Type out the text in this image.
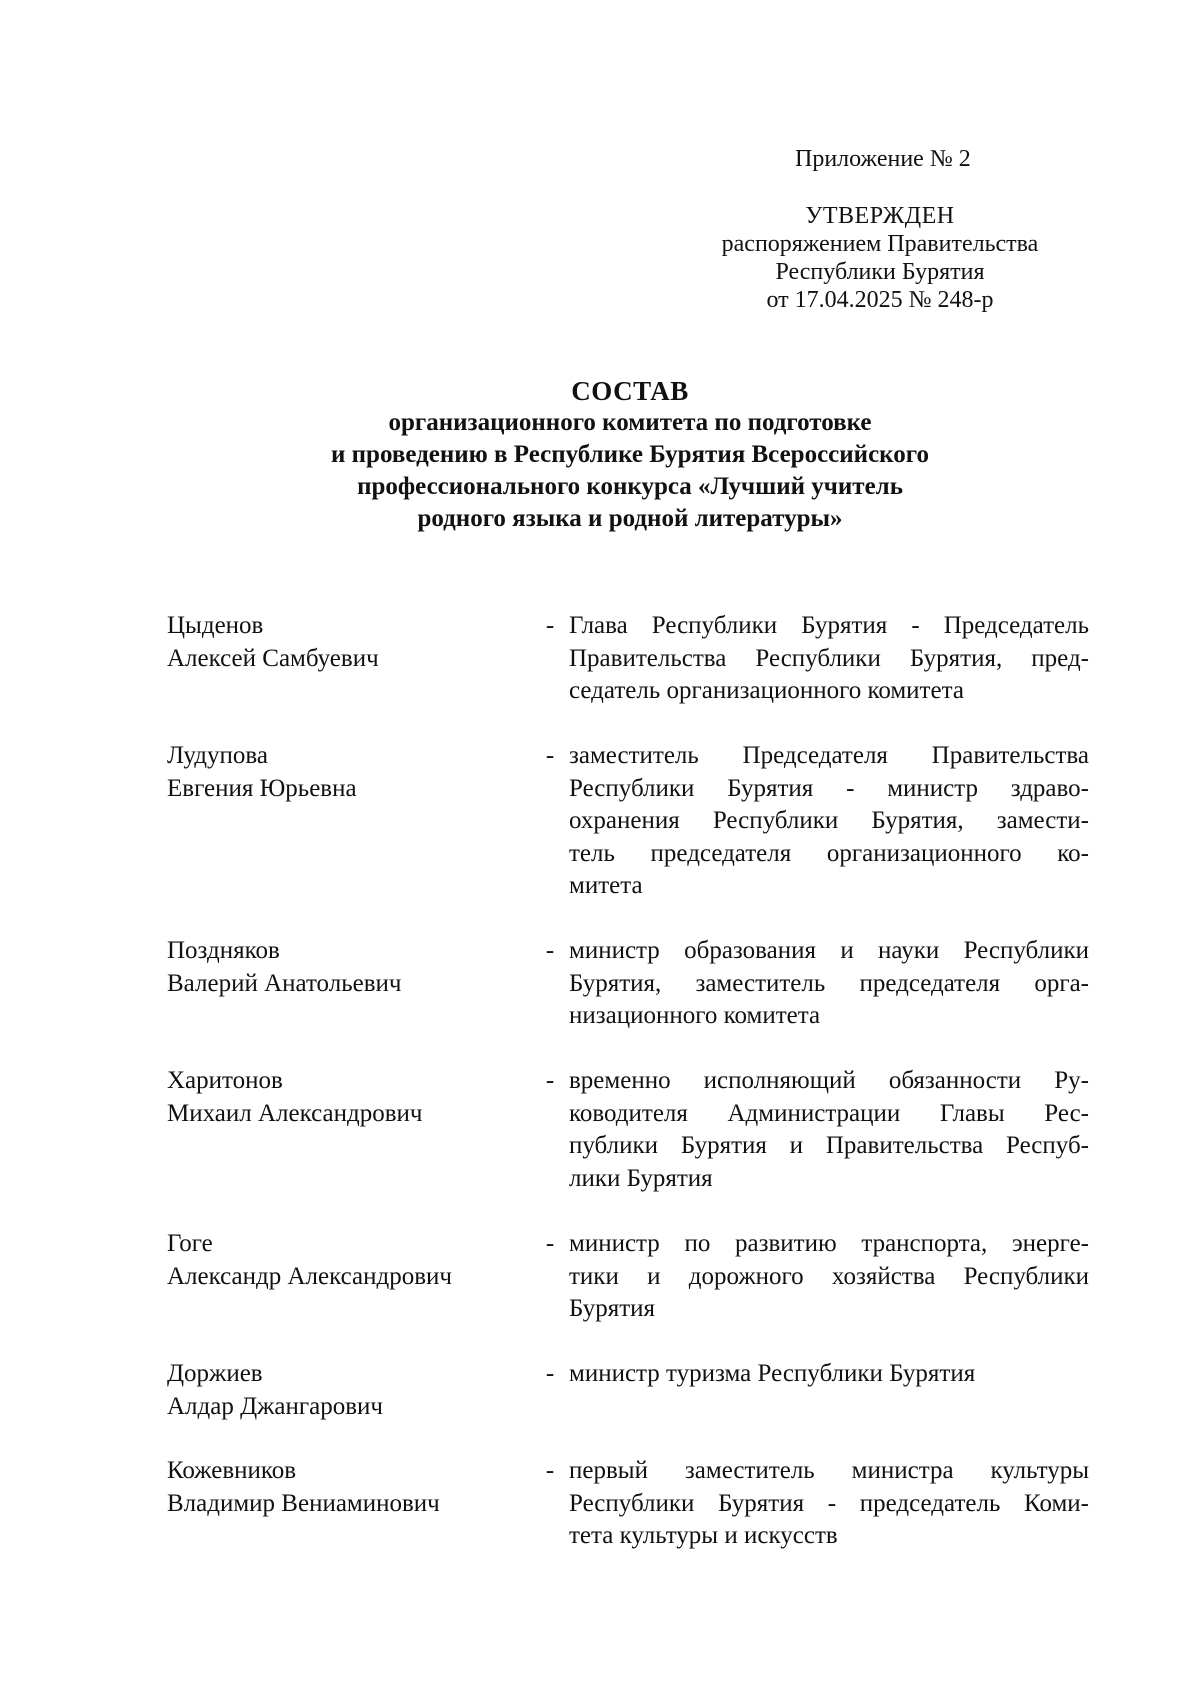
Приложение № 2
УТВЕРЖДЕН
распоряжением Правительства
Республики Бурятия
от 17.04.2025 № 248-р
СОСТАВ
организационного комитета по подготовке
и проведению в Республике Бурятия Всероссийского
профессионального конкурса «Лучший учитель
родного языка и родной литературы»
Цыденов
Алексей Самбуевич
- Глава Республики Бурятия - Председатель
Правительства Республики Бурятия, пред-
седатель организационного комитета
Лудупова
Евгения Юрьевна
- заместитель Председателя Правительства
Республики Бурятия - министр здраво-
охранения Республики Бурятия, замести-
тель председателя организационного ко-
митета
Поздняков
Валерий Анатольевич
- министр образования и науки Республики
Бурятия, заместитель председателя орга-
низационного комитета
Харитонов
Михаил Александрович
- временно исполняющий обязанности Ру-
ководителя Администрации Главы Рес-
публики Бурятия и Правительства Респуб-
лики Бурятия
Гоге
Александр Александрович
- министр по развитию транспорта, энерге-
тики и дорожного хозяйства Республики
Бурятия
Доржиев
Алдар Джангарович
- министр туризма Республики Бурятия
Кожевников
Владимир Вениаминович
- первый заместитель министра культуры
Республики Бурятия - председатель Коми-
тета культуры и искусств
